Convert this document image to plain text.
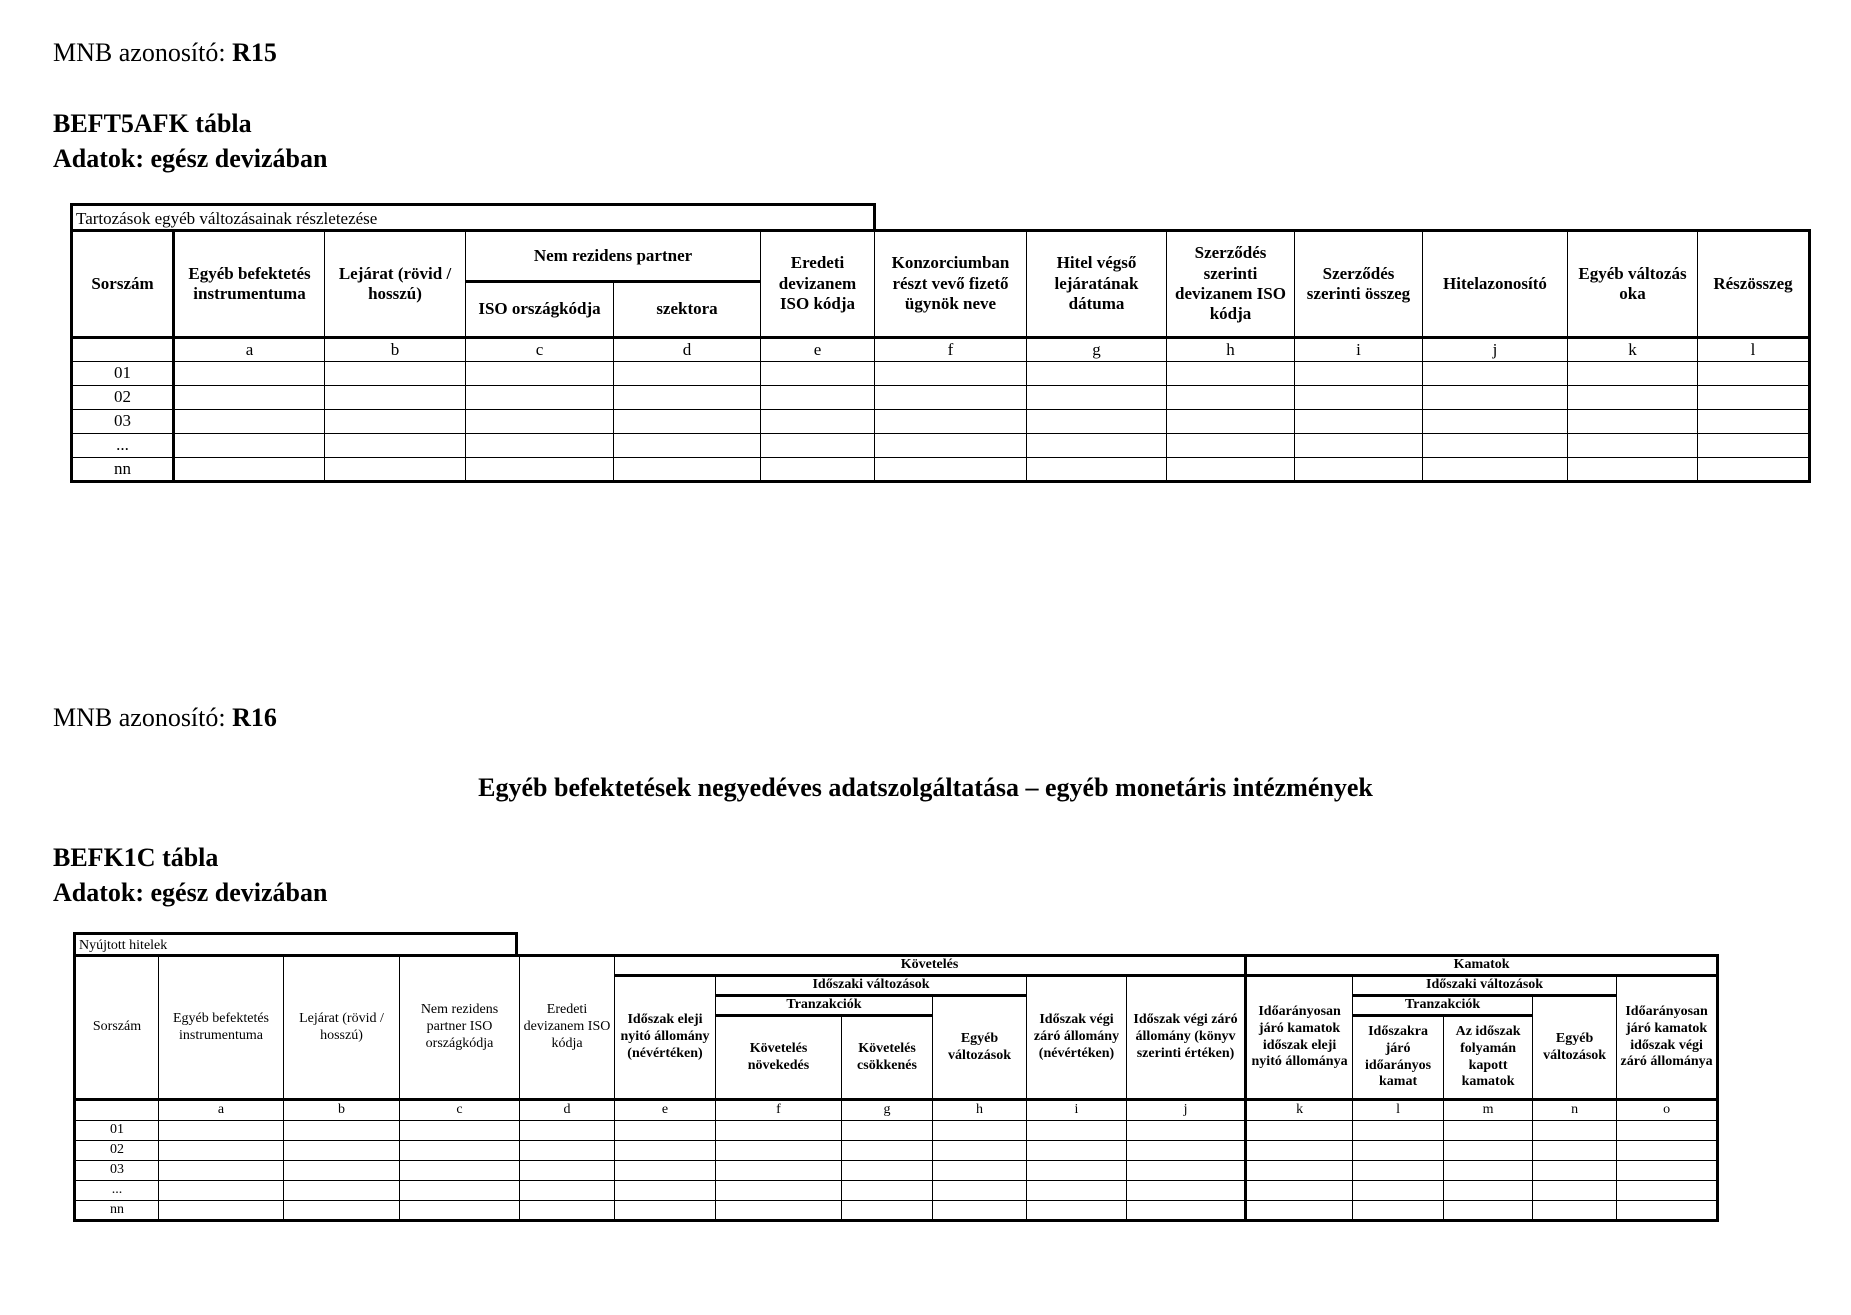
MNB azonosító: R15
BEFT5AFK tábla
Adatok: egész devizában
Tartozások egyéb változásainak részletezése
Sorszám	Egyéb befektetés instrumentuma	Lejárat (rövid / hosszú)	Nem rezidens partner		Eredeti devizanem ISO kódja	Konzorciumban részt vevő fizető ügynök neve	Hitel végső lejáratának dátuma	Szerződés szerinti devizanem ISO kódja	Szerződés szerinti összeg	Hitelazonosító	Egyéb változás oka	Részösszeg
			ISO országkódja	szektora								
	a	b	c	d	e	f	g	h	i	j	k	l
01												
02												
03												
...												
nn												
MNB azonosító: R16
Egyéb befektetések negyedéves adatszolgáltatása – egyéb monetáris intézmények
BEFK1C tábla
Adatok: egész devizában
Nyújtott hitelek
Sorszám	Egyéb befektetés instrumentuma	Lejárat (rövid / hosszú)	Nem rezidens partner ISO országkódja	Eredeti devizanem ISO kódja	Követelés						Kamatok				
					Időszak eleji nyitó állomány (névértéken)	Időszaki változások			Időszak végi záró állomány (névértéken)	Időszak végi záró állomány (könyv szerinti értéken)	Időarányosan járó kamatok időszak eleji nyitó állománya	Időszaki változások			Időarányosan járó kamatok időszak végi záró állománya
						Tranzakciók		Egyéb változások				Tranzakciók		Egyéb változások	
						Követelés növekedés	Követelés csökkenés					Időszakra járó időarányos kamat	Az időszak folyamán kapott kamatok		
	a	b	c	d	e	f	g	h	i	j	k	l	m	n	o
01															
02															
03															
...															
nn															
